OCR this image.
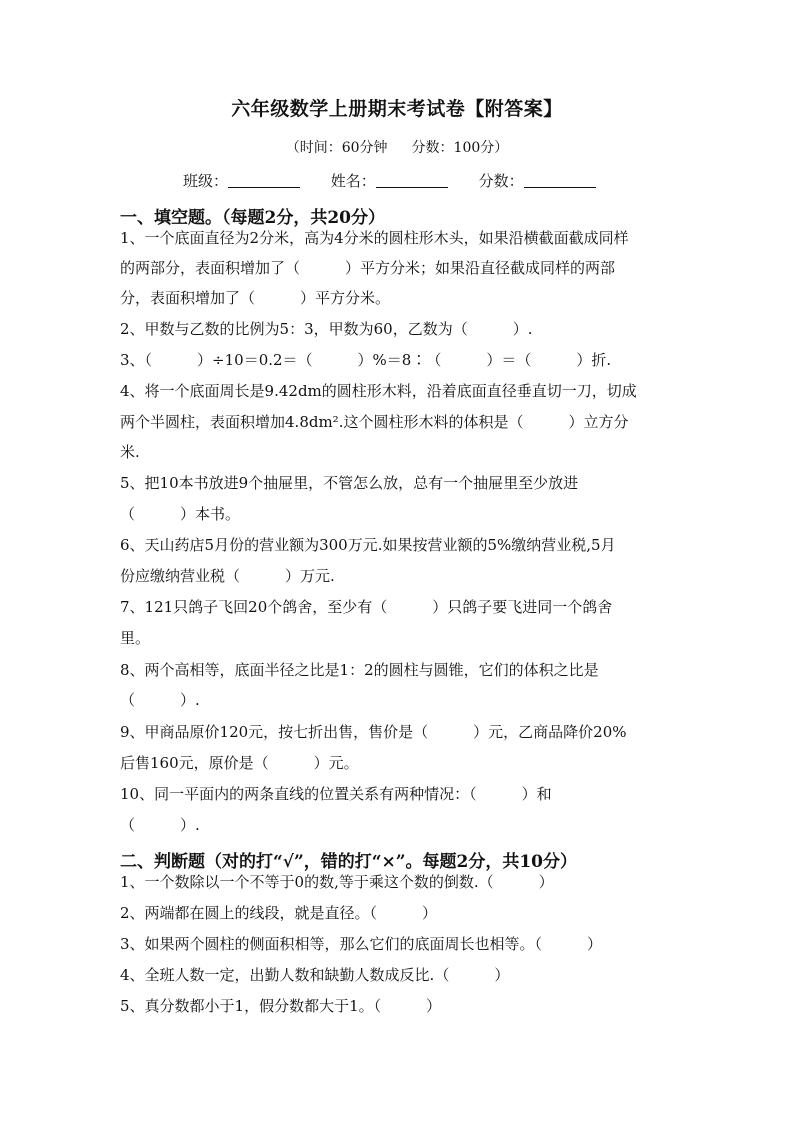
六年级数学上册期末考试卷【附答案】
（时间：60分钟 分数：100分）
班级：	姓名：	分数：
一、填空题。（每题2分，共20分）
1、一个底面直径为2分米，高为4分米的圆柱形木头，如果沿横截面截成同样
的两部分，表面积增加了（　　　）平方分米；如果沿直径截成同样的两部
分，表面积增加了（　　　）平方分米。
2、甲数与乙数的比例为5：3，甲数为60，乙数为（　　　）.
3、（　　　）÷10＝0.2＝（　　　）%＝8∶（　　　）＝（　　　）折.
4、将一个底面周长是9.42dm的圆柱形木料，沿着底面直径垂直切一刀，切成
两个半圆柱，表面积增加4.8dm².这个圆柱形木料的体积是（　　　）立方分
米.
5、把10本书放进9个抽屉里，不管怎么放，总有一个抽屉里至少放进
（　　　）本书。
6、天山药店5月份的营业额为300万元.如果按营业额的5%缴纳营业税,5月
份应缴纳营业税（　　　）万元.
7、121只鸽子飞回20个鸽舍，至少有（　　　）只鸽子要飞进同一个鸽舍
里。
8、两个高相等，底面半径之比是1：2的圆柱与圆锥，它们的体积之比是
（　　　）.
9、甲商品原价120元，按七折出售，售价是（　　　）元，乙商品降价20%
后售160元，原价是（　　　）元。
10、同一平面内的两条直线的位置关系有两种情况：（　　　）和
（　　　）.
二、判断题（对的打“√”，错的打“×”。每题2分，共10分）
1、一个数除以一个不等于0的数,等于乘这个数的倒数.（　　　）
2、两端都在圆上的线段，就是直径。（　　　）
3、如果两个圆柱的侧面积相等，那么它们的底面周长也相等。（　　　）
4、全班人数一定，出勤人数和缺勤人数成反比.（　　　）
5、真分数都小于1，假分数都大于1。（　　　）
